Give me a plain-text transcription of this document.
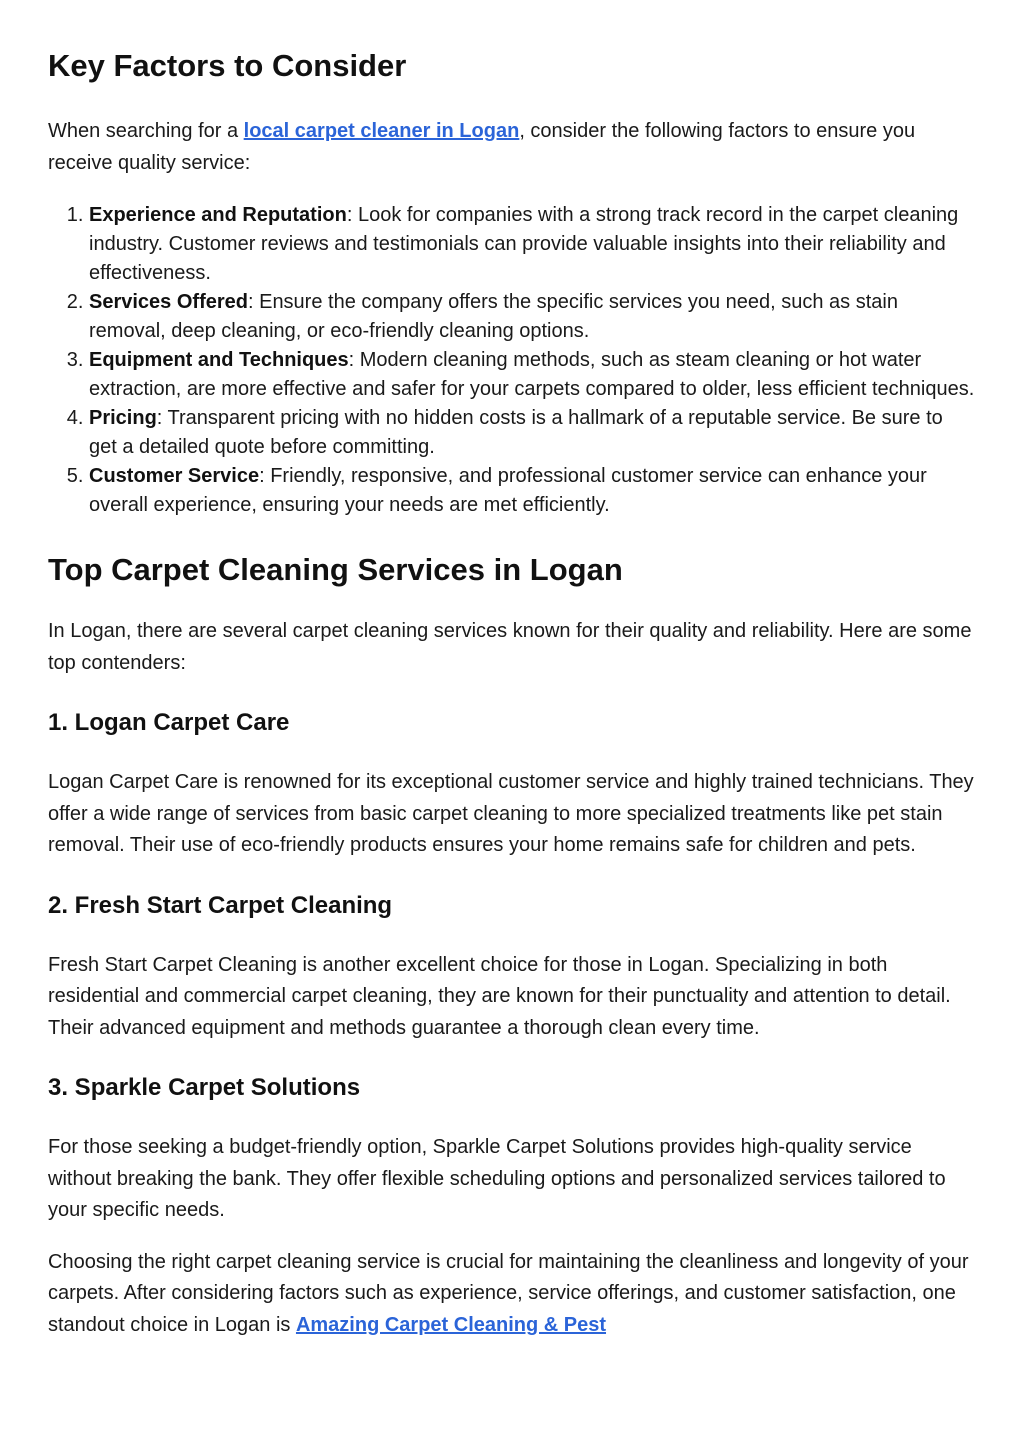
Key Factors to Consider

When searching for a local carpet cleaner in Logan, consider the following factors to ensure you receive quality service:

1. Experience and Reputation: Look for companies with a strong track record in the carpet cleaning industry. Customer reviews and testimonials can provide valuable insights into their reliability and effectiveness.
2. Services Offered: Ensure the company offers the specific services you need, such as stain removal, deep cleaning, or eco-friendly cleaning options.
3. Equipment and Techniques: Modern cleaning methods, such as steam cleaning or hot water extraction, are more effective and safer for your carpets compared to older, less efficient techniques.
4. Pricing: Transparent pricing with no hidden costs is a hallmark of a reputable service. Be sure to get a detailed quote before committing.
5. Customer Service: Friendly, responsive, and professional customer service can enhance your overall experience, ensuring your needs are met efficiently.
Top Carpet Cleaning Services in Logan

In Logan, there are several carpet cleaning services known for their quality and reliability. Here are some top contenders:

1. Logan Carpet Care

Logan Carpet Care is renowned for its exceptional customer service and highly trained technicians. They offer a wide range of services from basic carpet cleaning to more specialized treatments like pet stain removal. Their use of eco-friendly products ensures your home remains safe for children and pets.

2. Fresh Start Carpet Cleaning

Fresh Start Carpet Cleaning is another excellent choice for those in Logan. Specializing in both residential and commercial carpet cleaning, they are known for their punctuality and attention to detail. Their advanced equipment and methods guarantee a thorough clean every time.

3. Sparkle Carpet Solutions

For those seeking a budget-friendly option, Sparkle Carpet Solutions provides high-quality service without breaking the bank. They offer flexible scheduling options and personalized services tailored to your specific needs.

Choosing the right carpet cleaning service is crucial for maintaining the cleanliness and longevity of your carpets. After considering factors such as experience, service offerings, and customer satisfaction, one standout choice in Logan is Amazing Carpet Cleaning & Pest
